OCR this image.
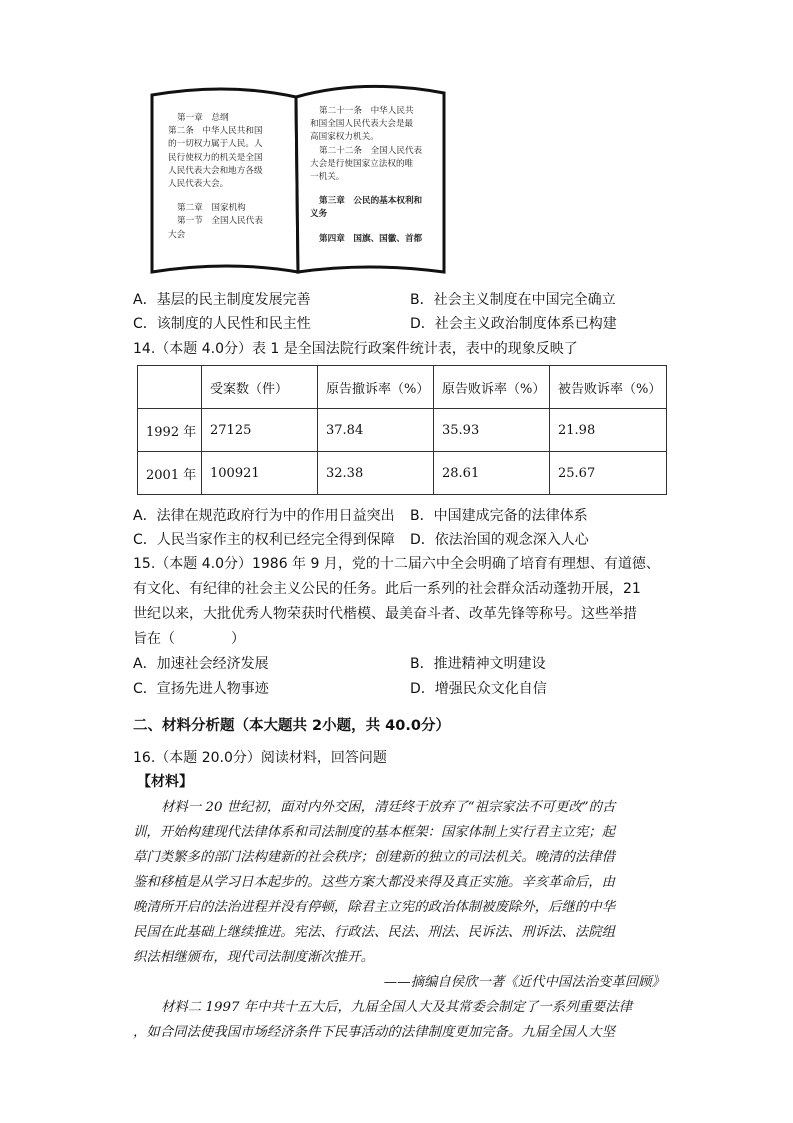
第一章　总纲
第二条　中华人民共和国
的一切权力属于人民。人
民行使权力的机关是全国
人民代表大会和地方各级
人民代表大会。
第二章　国家机构
第一节　全国人民代表
大会
第二十一条　中华人民共
和国全国人民代表大会是最
高国家权力机关。
第二十二条　全国人民代表
大会是行使国家立法权的唯
一机关。
第三章　公民的基本权利和
义务
第四章　国旗、国徽、首都
A．基层的民主制度发展完善	B．社会主义制度在中国完全确立
C．该制度的人民性和民主性	D．社会主义政治制度体系已构建
14.（本题 4.0分）表 1 是全国法院行政案件统计表，表中的现象反映了
	受案数（件）	原告撤诉率（%）	原告败诉率（%）	被告败诉率（%）
1992 年	27125	37.84	35.93	21.98
2001 年	100921	32.38	28.61	25.67
A．法律在规范政府行为中的作用日益突出 B．中国建成完备的法律体系
C．人民当家作主的权利已经完全得到保障 D．依法治国的观念深入人心
15.（本题 4.0分）1986 年 9 月，党的十二届六中全会明确了培育有理想、有道德、
有文化、有纪律的社会主义公民的任务。此后一系列的社会群众活动蓬勃开展，21
世纪以来，大批优秀人物荣获时代楷模、最美奋斗者、改革先锋等称号。这些举措
旨在（　　　　）
A．加速社会经济发展	B．推进精神文明建设
C．宣扬先进人物事迹	D．增强民众文化自信
二、材料分析题（本大题共 2小题，共 40.0分）
16.（本题 20.0分）阅读材料，回答问题
【材料】
材料一 20 世纪初，面对内外交困，清廷终于放弃了“祖宗家法不可更改”的古
训，开始构建现代法律体系和司法制度的基本框架：国家体制上实行君主立宪；起
草门类繁多的部门法构建新的社会秩序；创建新的独立的司法机关。晚清的法律借
鉴和移植是从学习日本起步的。这些方案大都没来得及真正实施。辛亥革命后，由
晚清所开启的法治进程并没有停顿，除君主立宪的政治体制被废除外，后继的中华
民国在此基础上继续推进。宪法、行政法、民法、刑法、民诉法、刑诉法、法院组
织法相继颁布，现代司法制度渐次推开。
——摘编自侯欣一著《近代中国法治变革回顾》
材料二 1997 年中共十五大后，九届全国人大及其常委会制定了一系列重要法律
，如合同法使我国市场经济条件下民事活动的法律制度更加完备。九届全国人大坚
